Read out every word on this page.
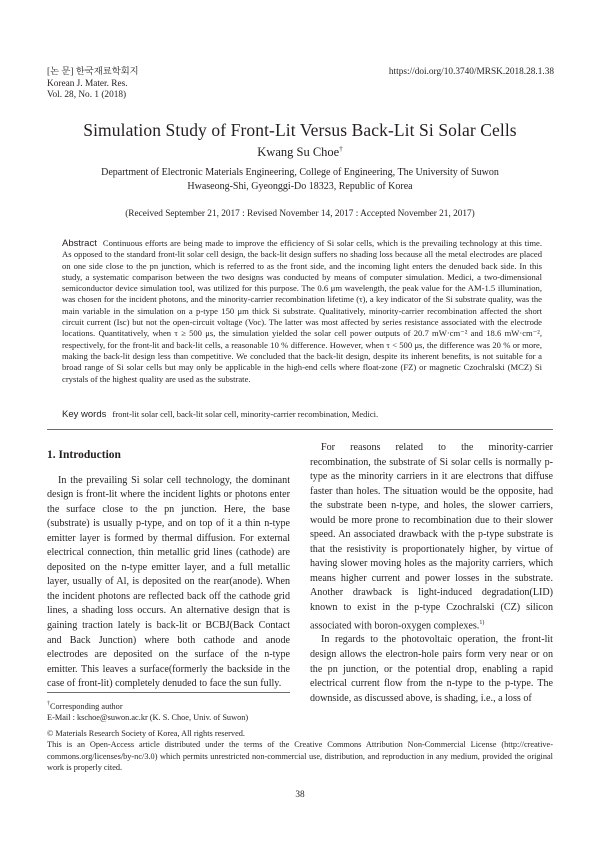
[논 문] 한국재료학회지
Korean J. Mater. Res.
Vol. 28, No. 1 (2018)
https://doi.org/10.3740/MRSK.2018.28.1.38
Simulation Study of Front-Lit Versus Back-Lit Si Solar Cells
Kwang Su Choe†
Department of Electronic Materials Engineering, College of Engineering, The University of Suwon
Hwaseong-Shi, Gyeonggi-Do 18323, Republic of Korea
(Received September 21, 2017 : Revised November 14, 2017 : Accepted November 21, 2017)
Abstract Continuous efforts are being made to improve the efficiency of Si solar cells, which is the prevailing technology at this time. As opposed to the standard front-lit solar cell design, the back-lit design suffers no shading loss because all the metal electrodes are placed on one side close to the pn junction, which is referred to as the front side, and the incoming light enters the denuded back side. In this study, a systematic comparison between the two designs was conducted by means of computer simulation. Medici, a two-dimensional semiconductor device simulation tool, was utilized for this purpose. The 0.6 μm wavelength, the peak value for the AM-1.5 illumination, was chosen for the incident photons, and the minority-carrier recombination lifetime (τ), a key indicator of the Si substrate quality, was the main variable in the simulation on a p-type 150 μm thick Si substrate. Qualitatively, minority-carrier recombination affected the short circuit current (Isc) but not the open-circuit voltage (Voc). The latter was most affected by series resistance associated with the electrode locations. Quantitatively, when τ ≥ 500 μs, the simulation yielded the solar cell power outputs of 20.7 mW·cm⁻² and 18.6 mW·cm⁻², respectively, for the front-lit and back-lit cells, a reasonable 10 % difference. However, when τ < 500 μs, the difference was 20 % or more, making the back-lit design less than competitive. We concluded that the back-lit design, despite its inherent benefits, is not suitable for a broad range of Si solar cells but may only be applicable in the high-end cells where float-zone (FZ) or magnetic Czochralski (MCZ) Si crystals of the highest quality are used as the substrate.
Key words front-lit solar cell, back-lit solar cell, minority-carrier recombination, Medici.
1. Introduction

In the prevailing Si solar cell technology, the dominant design is front-lit where the incident lights or photons enter the surface close to the pn junction. Here, the base (substrate) is usually p-type, and on top of it a thin n-type emitter layer is formed by thermal diffusion. For external electrical connection, thin metallic grid lines (cathode) are deposited on the n-type emitter layer, and a full metallic layer, usually of Al, is deposited on the rear(anode). When the incident photons are reflected back off the cathode grid lines, a shading loss occurs. An alternative design that is gaining traction lately is back-lit or BCBJ(Back Contact and Back Junction) where both cathode and anode electrodes are deposited on the surface of the n-type emitter. This leaves a surface(formerly the backside in the case of front-lit) completely denuded to face the sun fully.

For reasons related to the minority-carrier recombination, the substrate of Si solar cells is normally p-type as the minority carriers in it are electrons that diffuse faster than holes. The situation would be the opposite, had the substrate been n-type, and holes, the slower carriers, would be more prone to recombination due to their slower speed. An associated drawback with the p-type substrate is that the resistivity is proportionately higher, by virtue of having slower moving holes as the majority carriers, which means higher current and power losses in the substrate. Another drawback is light-induced degradation(LID) known to exist in the p-type Czochralski (CZ) silicon associated with boron-oxygen complexes.$^{1)}$

In regards to the photovoltaic operation, the front-lit design allows the electron-hole pairs form very near or on the pn junction, or the potential drop, enabling a rapid electrical current flow from the n-type to the p-type. The downside, as discussed above, is shading, i.e., a loss of

†Corresponding author
E-Mail : kschoe@suwon.ac.kr (K. S. Choe, Univ. of Suwon)
© Materials Research Society of Korea, All rights reserved.
This is an Open-Access article distributed under the terms of the Creative Commons Attribution Non-Commercial License (http://creative-commons.org/licenses/by-nc/3.0) which permits unrestricted non-commercial use, distribution, and reproduction in any medium, provided the original work is properly cited.
38
